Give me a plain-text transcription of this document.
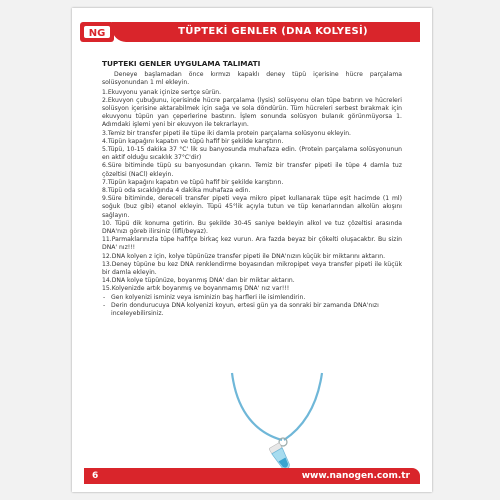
NG	TÜPTEKİ GENLER (DNA KOLYESİ)
TUPTEKI GENLER UYGULAMA TALIMATI

Deneye başlamadan önce kırmızı kapaklı deney tüpü içerisine hücre parçalama solüsyonundan 1 ml ekleyin.

1.Ekuvyonu yanak içinize sertçe sürün.

2.Ekuvyon çubuğunu, içerisinde hücre parçalama (lysis) solüsyonu olan tüpe batırın ve hücreleri solüsyon içerisine aktarabilmek için sağa ve sola döndürün. Tüm hücreleri serbest bırakmak için ekuvyonu tüpün yan çeperlerine bastırın. İşlem sonunda solüsyon bulanık görünmüyorsa 1. Adımdaki işlemi yeni bir ekuvyon ile tekrarlayın.

3.Temiz bir transfer pipeti ile tüpe iki damla protein parçalama solüsyonu ekleyin.

4.Tüpün kapağını kapatın ve tüpü hafif bir şekilde karıştırın.

5.Tüpü, 10-15 dakika 37 °C' lik su banyosunda muhafaza edin. (Protein parçalama solüsyonunun en aktif olduğu sıcaklık 37°C'dir)

6.Süre bitiminde tüpü su banyosundan çıkarın. Temiz bir transfer pipeti ile tüpe 4 damla tuz çözeltisi (NaCl) ekleyin.

7.Tüpün kapağını kapatın ve tüpü hafif bir şekilde karıştırın.

8.Tüpü oda sıcaklığında 4 dakika muhafaza edin.

9.Süre bitiminde, dereceli transfer pipeti veya mikro pipet kullanarak tüpe eşit hacimde (1 ml) soğuk (buz gibi) etanol ekleyin. Tüpü 45°lik açıyla tutun ve tüp kenarlarından alkolün akışını sağlayın.

10. Tüpü dik konuma getirin. Bu şekilde 30-45 saniye bekleyin alkol ve tuz çözeltisi arasında DNA'nızı göreb ilirsiniz (lifli/beyaz).

11.Parmaklarınızla tüpe hafifçe birkaç kez vurun. Ara fazda beyaz bir çökelti oluşacaktır. Bu sizin DNA' nız!!!

12.DNA kolyen z için, kolye tüpünüze transfer pipeti ile DNA'nızın küçük bir miktarını aktarın.

13.Deney tüpüne bu kez DNA renklendirme boyasından mikropipet veya transfer pipeti ile küçük bir damla ekleyin.

14.DNA kolye tüpünüze, boyanmış DNA' dan bir miktar aktarın.

15.Kolyenizde artık boyanmış ve boyanmamış DNA' nız var!!!

- Gen kolyenizi isminiz veya isminizin baş harfleri ile isimlendirin.

- Derin dondurucuya DNA kolyenizi koyun, ertesi gün ya da sonraki bir zamanda DNA'nızı inceleyebilirsiniz.

6	www.nanogen.com.tr
